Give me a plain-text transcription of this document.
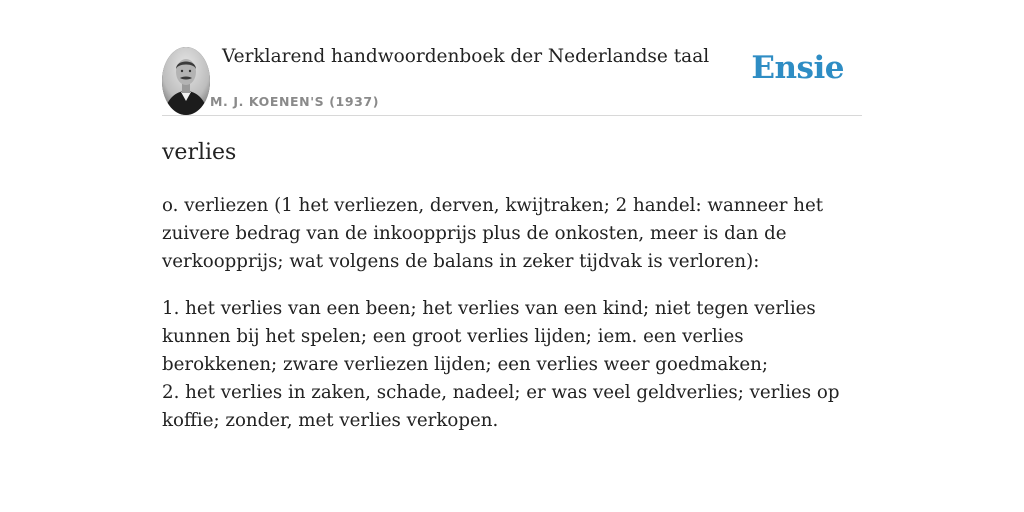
Verklarend handwoordenboek der Nederlandse taal
M. J. KOENEN'S (1937)
Ensie
verlies

o. verliezen (1 het verliezen, derven, kwijtraken; 2 handel: wanneer het zuivere bedrag van de inkoopprijs plus de onkosten, meer is dan de verkoopprijs; wat volgens de balans in zeker tijdvak is verloren):

1. het verlies van een been; het verlies van een kind; niet tegen verlies kunnen bij het spelen; een groot verlies lijden; iem. een verlies berokkenen; zware verliezen lijden; een verlies weer goedmaken;
2. het verlies in zaken, schade, nadeel; er was veel geldverlies; verlies op koffie; zonder, met verlies verkopen.
